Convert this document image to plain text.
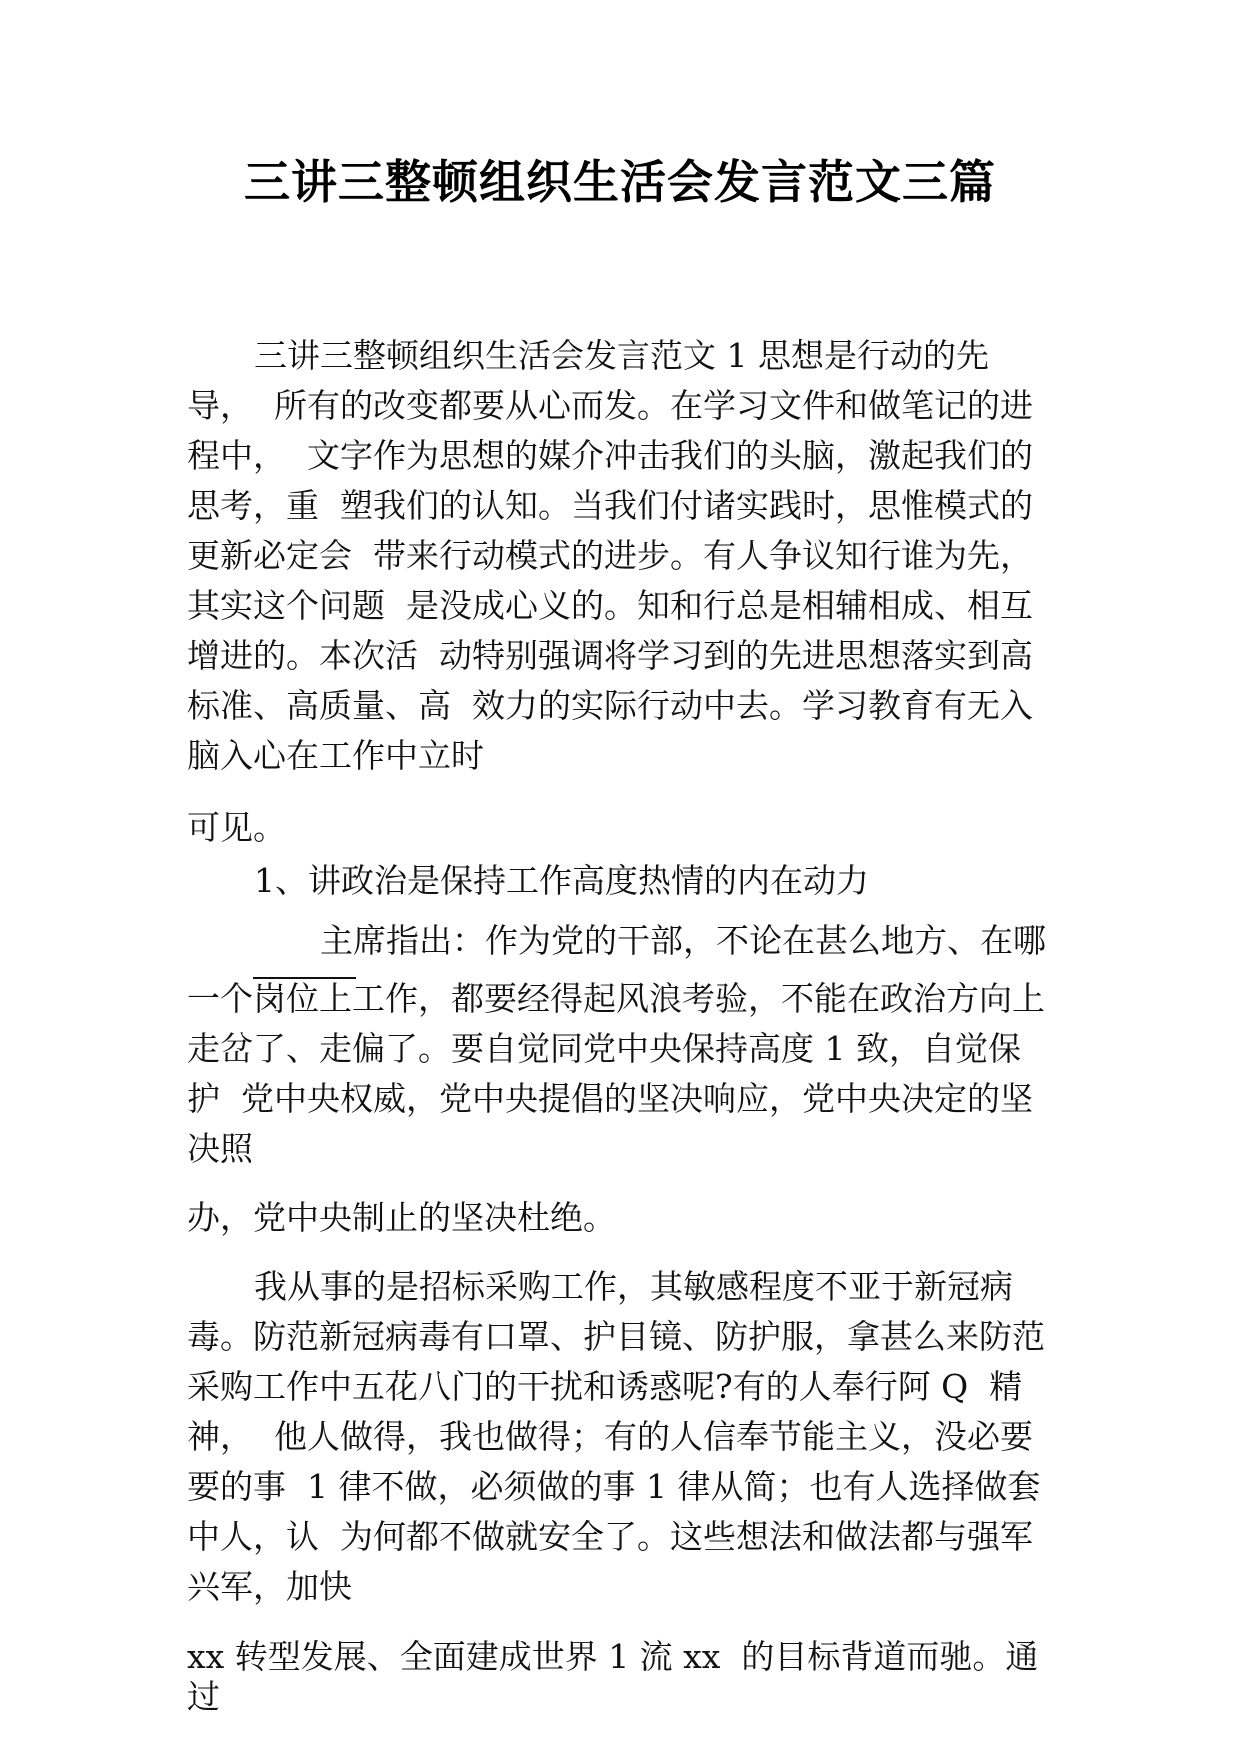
三讲三整顿组织生活会发言范文三篇
三讲三整顿组织生活会发言范文 1 思想是行动的先
导，  所有的改变都要从心而发。在学习文件和做笔记的进
程中，  文字作为思想的媒介冲击我们的头脑，激起我们的
思考，重  塑我们的认知。当我们付诸实践时，思惟模式的
更新必定会  带来行动模式的进步。有人争议知行谁为先，
其实这个问题  是没成心义的。知和行总是相辅相成、相互
增进的。本次活  动特别强调将学习到的先进思想落实到高
标准、高质量、高  效力的实际行动中去。学习教育有无入
脑入心在工作中立时
可见。
1、讲政治是保持工作高度热情的内在动力
主席指出：作为党的干部，不论在甚么地方、在哪
一个岗位上工作，都要经得起风浪考验，不能在政治方向上
走岔了、走偏了。要自觉同党中央保持高度 1 致，自觉保
护  党中央权威，党中央提倡的坚决响应，党中央决定的坚
决照
办，党中央制止的坚决杜绝。
我从事的是招标采购工作，其敏感程度不亚于新冠病
毒。防范新冠病毒有口罩、护目镜、防护服，拿甚么来防范
采购工作中五花八门的干扰和诱惑呢?有的人奉行阿 Q  精
神，  他人做得，我也做得；有的人信奉节能主义，没必要
要的事  1 律不做，必须做的事 1 律从简；也有人选择做套
中人，认  为何都不做就安全了。这些想法和做法都与强军
兴军，加快
xx 转型发展、全面建成世界 1 流 xx  的目标背道而驰。通
过
